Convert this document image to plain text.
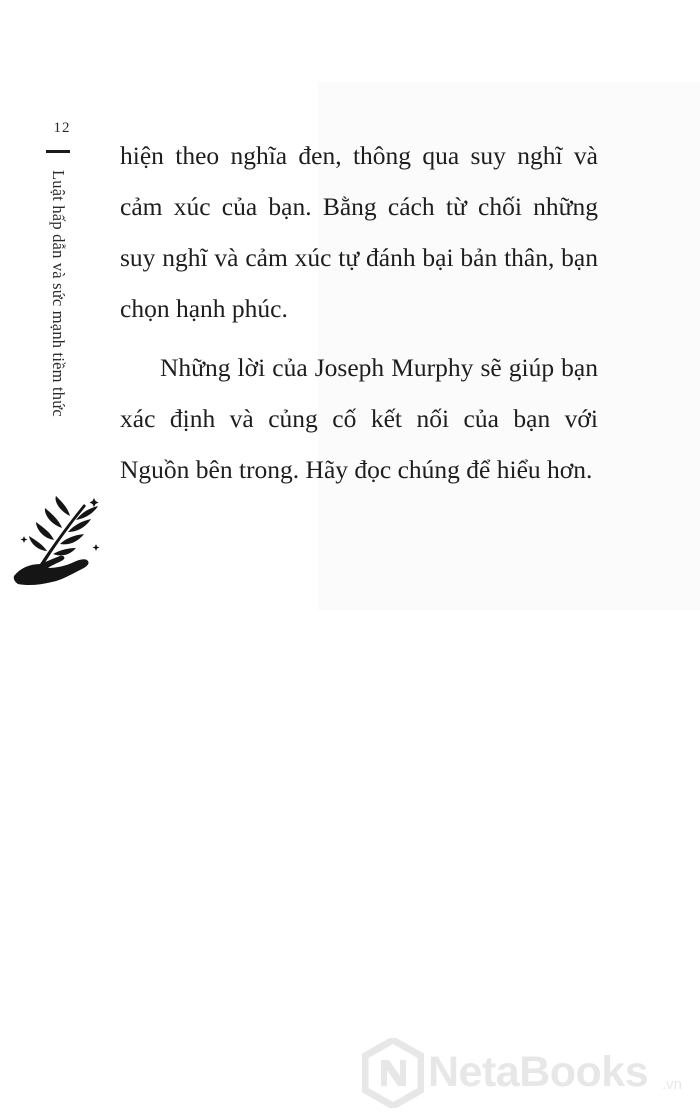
12
Luật hấp dẫn và sức mạnh tiềm thức

hiện theo nghĩa đen, thông qua suy nghĩ và cảm xúc của bạn. Bằng cách từ chối những suy nghĩ và cảm xúc tự đánh bại bản thân, bạn chọn hạnh phúc.

Những lời của Joseph Murphy sẽ giúp bạn xác định và củng cố kết nối của bạn với Nguồn bên trong. Hãy đọc chúng để hiểu hơn.

NetaBooks .vn
